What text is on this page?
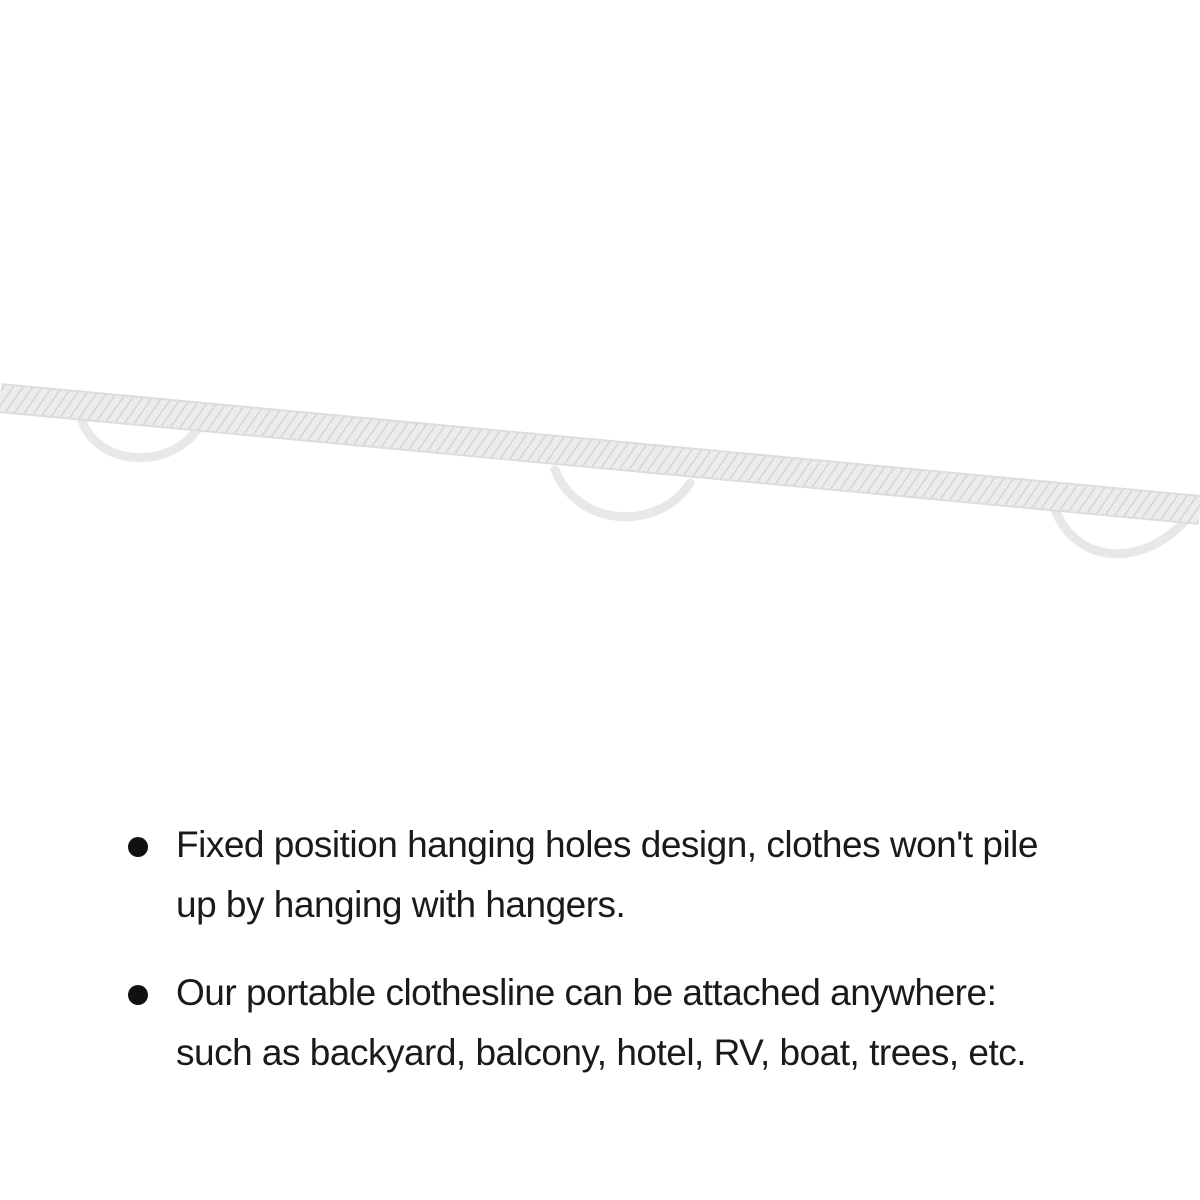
Fixed position hanging holes design, clothes won't pile
up by hanging with hangers.
Our portable clothesline can be attached anywhere:
such as backyard, balcony, hotel, RV, boat, trees, etc.
